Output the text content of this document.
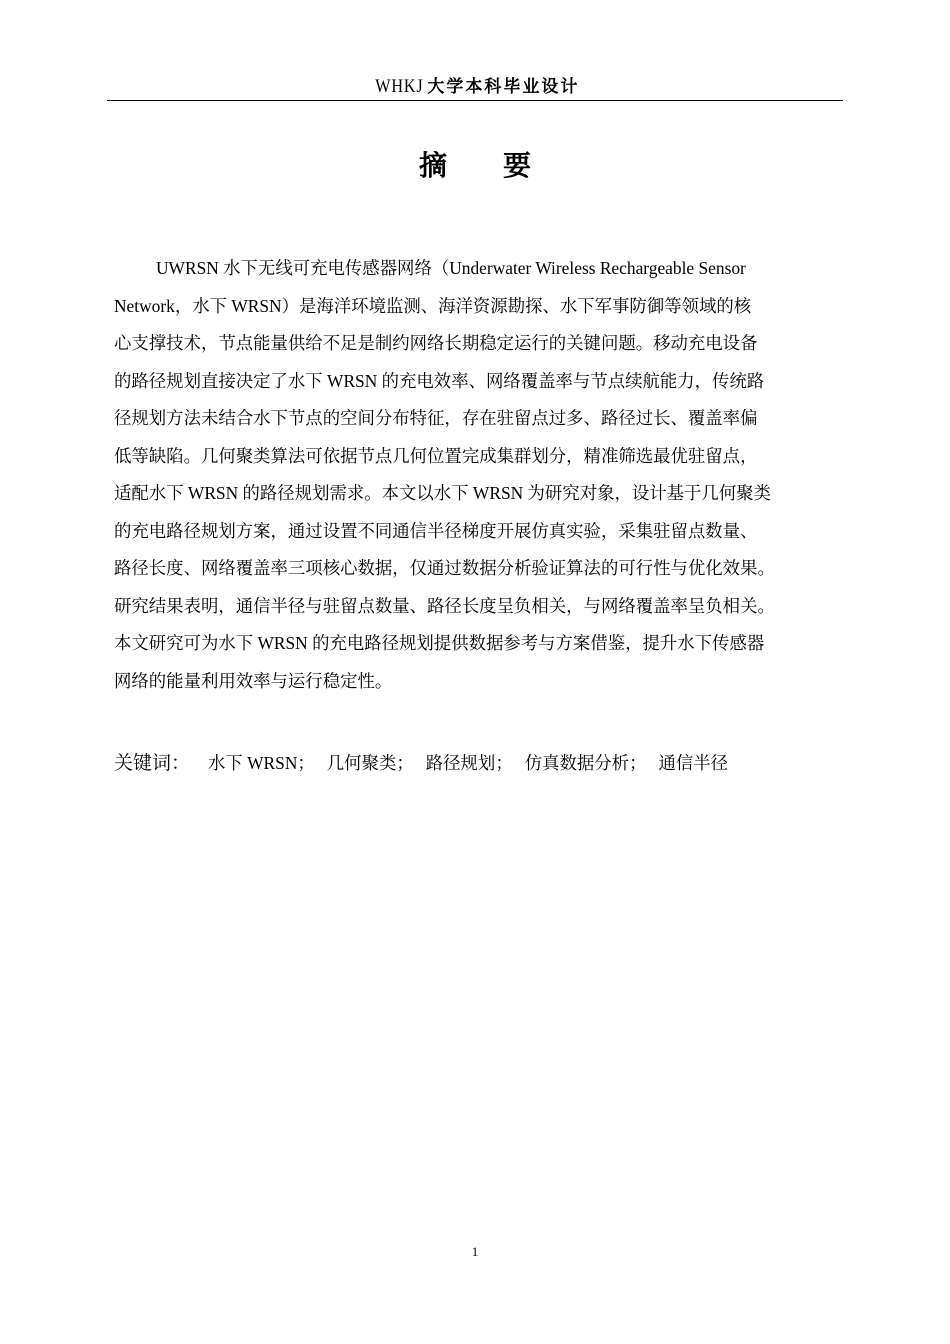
WHKJ 大学本科毕业设计
摘要
UWRSN 水下无线可充电传感器网络（Underwater Wireless Rechargeable Sensor
Network，水下 WRSN）是海洋环境监测、海洋资源勘探、水下军事防御等领域的核
心支撑技术，节点能量供给不足是制约网络长期稳定运行的关键问题。移动充电设备
的路径规划直接决定了水下 WRSN 的充电效率、网络覆盖率与节点续航能力，传统路
径规划方法未结合水下节点的空间分布特征，存在驻留点过多、路径过长、覆盖率偏
低等缺陷。几何聚类算法可依据节点几何位置完成集群划分，精准筛选最优驻留点，
适配水下 WRSN 的路径规划需求。本文以水下 WRSN 为研究对象，设计基于几何聚类
的充电路径规划方案，通过设置不同通信半径梯度开展仿真实验，采集驻留点数量、
路径长度、网络覆盖率三项核心数据，仅通过数据分析验证算法的可行性与优化效果。
研究结果表明，通信半径与驻留点数量、路径长度呈负相关，与网络覆盖率呈负相关。
本文研究可为水下 WRSN 的充电路径规划提供数据参考与方案借鉴，提升水下传感器
网络的能量利用效率与运行稳定性。
关键词： 水下 WRSN； 几何聚类； 路径规划； 仿真数据分析； 通信半径
1
